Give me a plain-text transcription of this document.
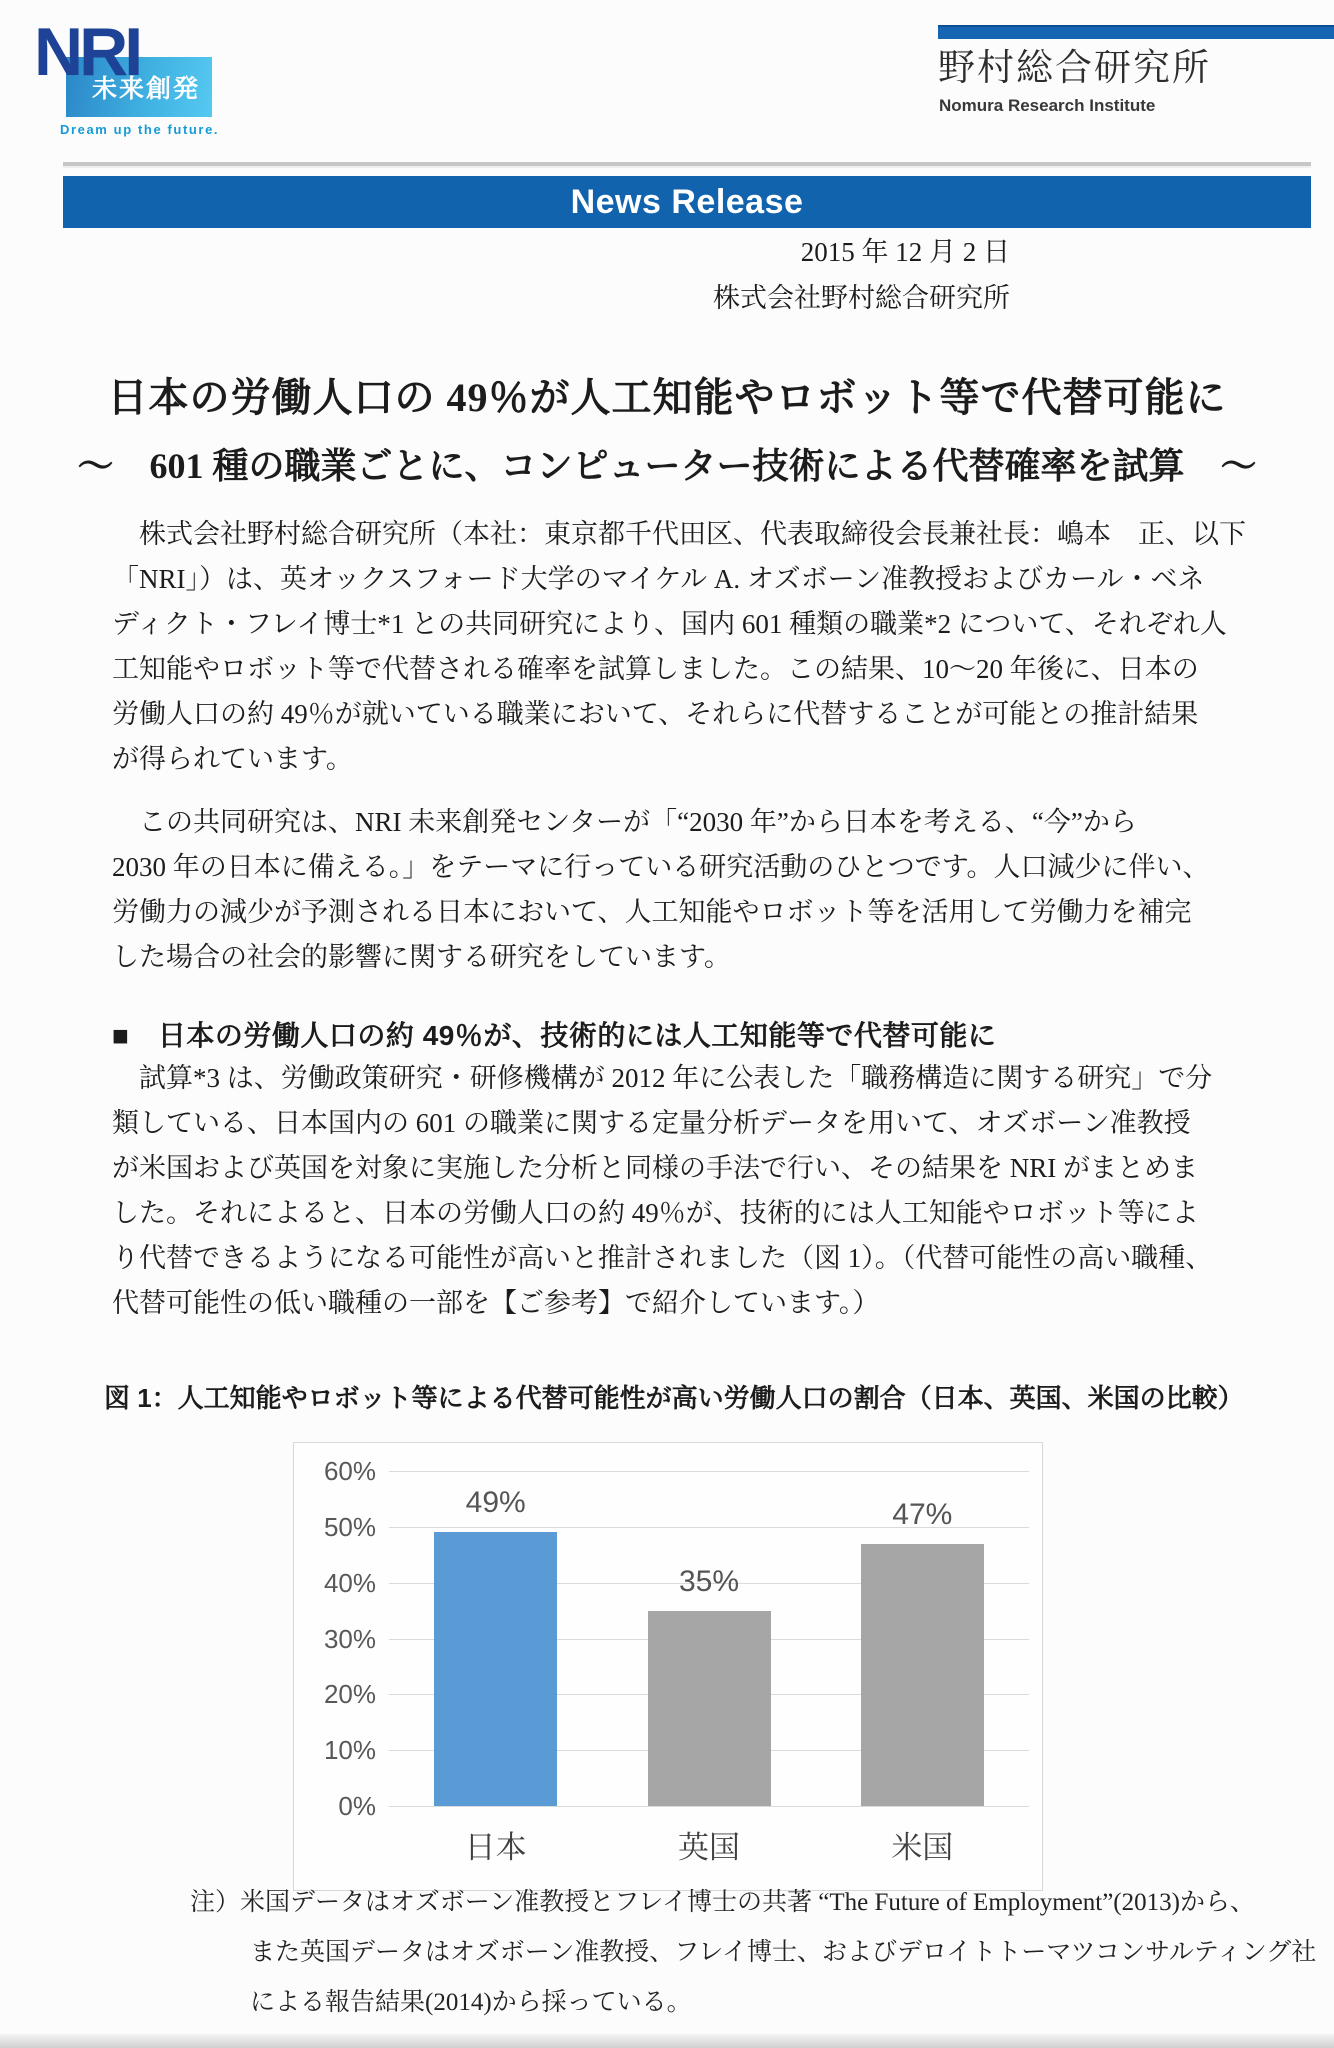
NRI
未来創発
Dream up the future.
野村総合研究所
Nomura Research Institute
News Release
2015 年 12 月 2 日
株式会社野村総合研究所
日本の労働人口の 49％が人工知能やロボット等で代替可能に
～　601 種の職業ごとに、コンピューター技術による代替確率を試算　～
　株式会社野村総合研究所（本社：東京都千代田区、代表取締役会長兼社長：嶋本　正、以下
「NRI」）は、英オックスフォード大学のマイケル A. オズボーン准教授およびカール・ベネ
ディクト・フレイ博士*1 との共同研究により、国内 601 種類の職業*2 について、それぞれ人
工知能やロボット等で代替される確率を試算しました。この結果、10～20 年後に、日本の
労働人口の約 49％が就いている職業において、それらに代替することが可能との推計結果
が得られています。
　この共同研究は、NRI 未来創発センターが「“2030 年”から日本を考える、“今”から
2030 年の日本に備える。」をテーマに行っている研究活動のひとつです。人口減少に伴い、
労働力の減少が予測される日本において、人工知能やロボット等を活用して労働力を補完
した場合の社会的影響に関する研究をしています。
■　日本の労働人口の約 49％が、技術的には人工知能等で代替可能に
　試算*3 は、労働政策研究・研修機構が 2012 年に公表した「職務構造に関する研究」で分
類している、日本国内の 601 の職業に関する定量分析データを用いて、オズボーン准教授
が米国および英国を対象に実施した分析と同様の手法で行い、その結果を NRI がまとめま
した。それによると、日本の労働人口の約 49％が、技術的には人工知能やロボット等によ
り代替できるようになる可能性が高いと推計されました（図 1）。（代替可能性の高い職種、
代替可能性の低い職種の一部を【ご参考】で紹介しています。）
図 1：人工知能やロボット等による代替可能性が高い労働人口の割合（日本、英国、米国の比較）
0%
10%
20%
30%
40%
50%
60%
49%
日本
35%
英国
47%
米国
注）米国データはオズボーン准教授とフレイ博士の共著 “The Future of Employment”(2013)から、
また英国データはオズボーン准教授、フレイ博士、およびデロイトトーマツコンサルティング社
による報告結果(2014)から採っている。
